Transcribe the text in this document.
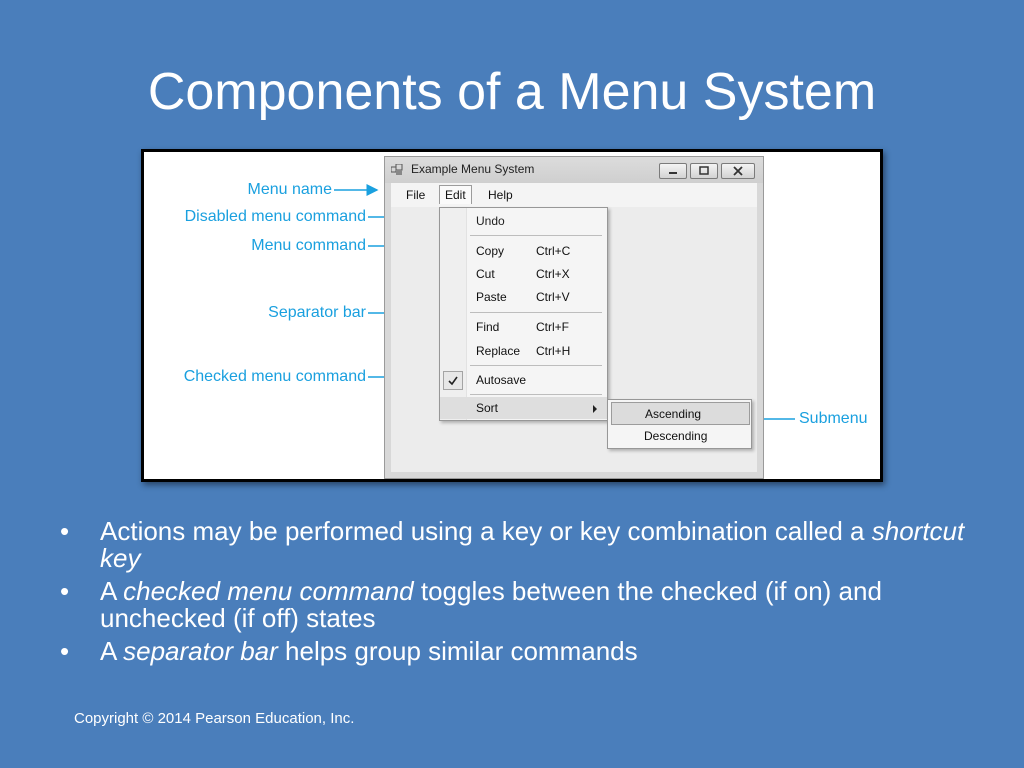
Components of a Menu System
Menu name
Disabled menu command
Menu command
Separator bar
Checked menu command
Submenu
Example Menu System
File	Edit	Help
Undo
Copy	Ctrl+C
Cut	Ctrl+X
Paste Ctrl+V
Find	Ctrl+F
Replace Ctrl+H
Autosave
Sort	Ascending
Descending
• Actions may be performed using a key or key combination called a shortcut key
• A checked menu command toggles between the checked (if on) and unchecked (if off) states
• A separator bar helps group similar commands
Copyright © 2014 Pearson Education, Inc.
